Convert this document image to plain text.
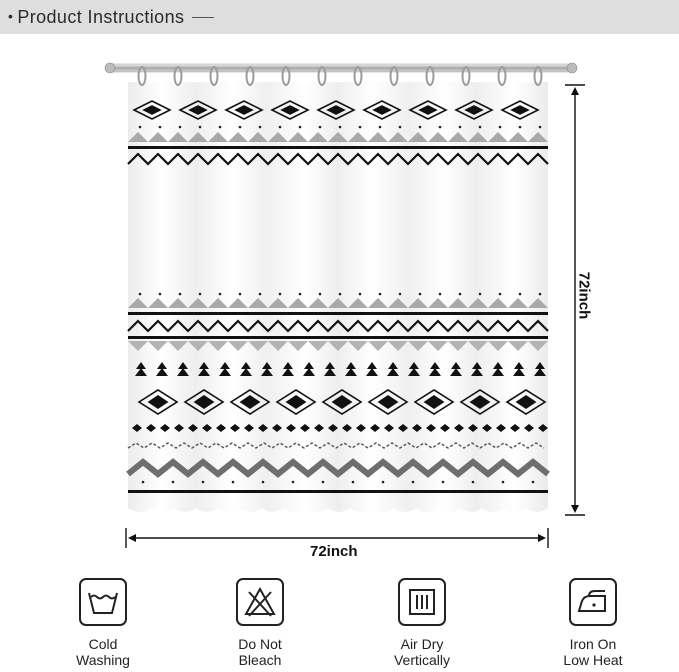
• Product Instructions
72inch
72inch
Cold
Washing
Do Not
Bleach
Air Dry
Vertically
Iron On
Low Heat
